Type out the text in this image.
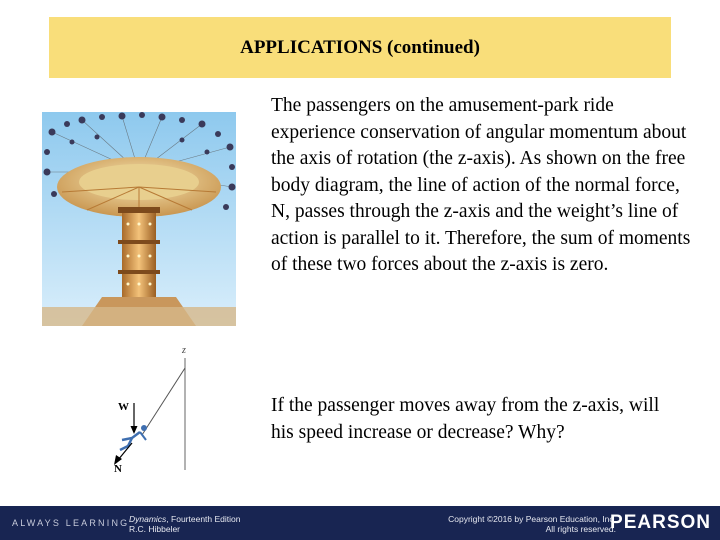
APPLICATIONS (continued)
z
W
N

The passengers on the amusement-park ride experience conservation of angular momentum about the axis of rotation (the z-axis). As shown on the free body diagram, the line of action of the normal force, N, passes through the z-axis and the weight’s line of action is parallel to it. Therefore, the sum of moments of these two forces about the z-axis is zero.

If the passenger moves away from the z-axis, will his speed increase or decrease? Why?

ALWAYS LEARNING Dynamics, Fourteenth Edition
R.C. Hibbeler
Copyright ©2016 by Pearson Education, Inc.
All rights reserved.
PEARSON
